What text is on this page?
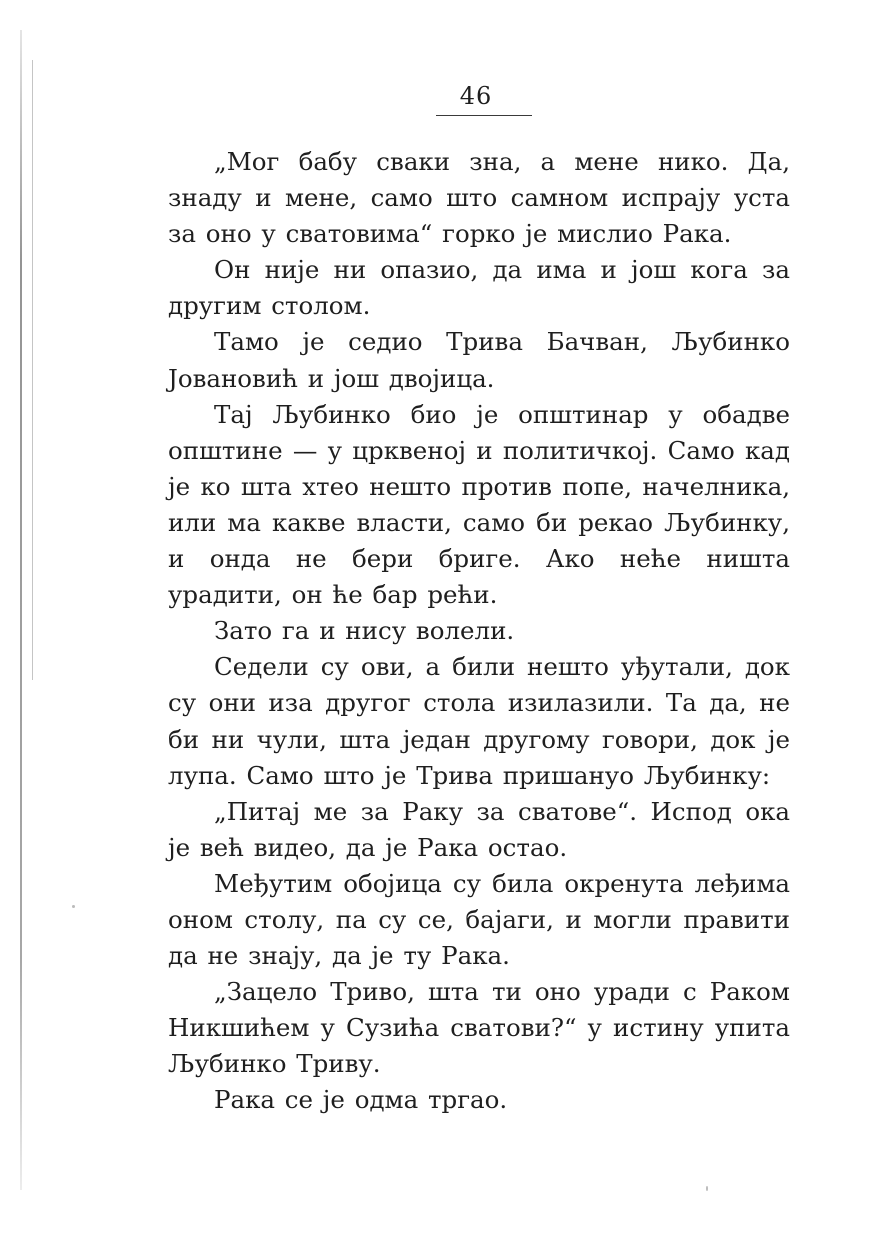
46

„Мог бабу сваки зна, а мене нико. Да, знаду и мене, само што самном испрају уста за оно у сватовима“ горко је мислио Рака.

Он није ни опазио, да има и још кога за другим столом.

Тамо је седио Трива Бачван, Љубинко Јовановић и још двојица.

Тај Љубинко био је општинар у обадве општине — у црквеној и политичкој. Само кад је ко шта хтео нешто против попе, начелника, или ма какве власти, само би рекао Љубинку, и онда не бери бриге. Ако неће ништа урадити, он ће бар рећи.

Зато га и нису волели.

Седели су ови, а били нешто уђутали, док су они иза другог стола изилазили. Та да, не би ни чули, шта један другому говори, док је лупа. Само што је Трива пришануо Љубинку:

„Питај ме за Раку за сватове“. Испод ока је већ видео, да је Рака остао.

Међутим обојица су била окренута леђима оном столу, па су се, бајаги, и могли правити да не знају, да је ту Рака.

„Зацело Триво, шта ти оно уради с Раком Никшићем у Сузића сватови?“ у истину упита Љубинко Триву.

Рака се је одма тргао.
